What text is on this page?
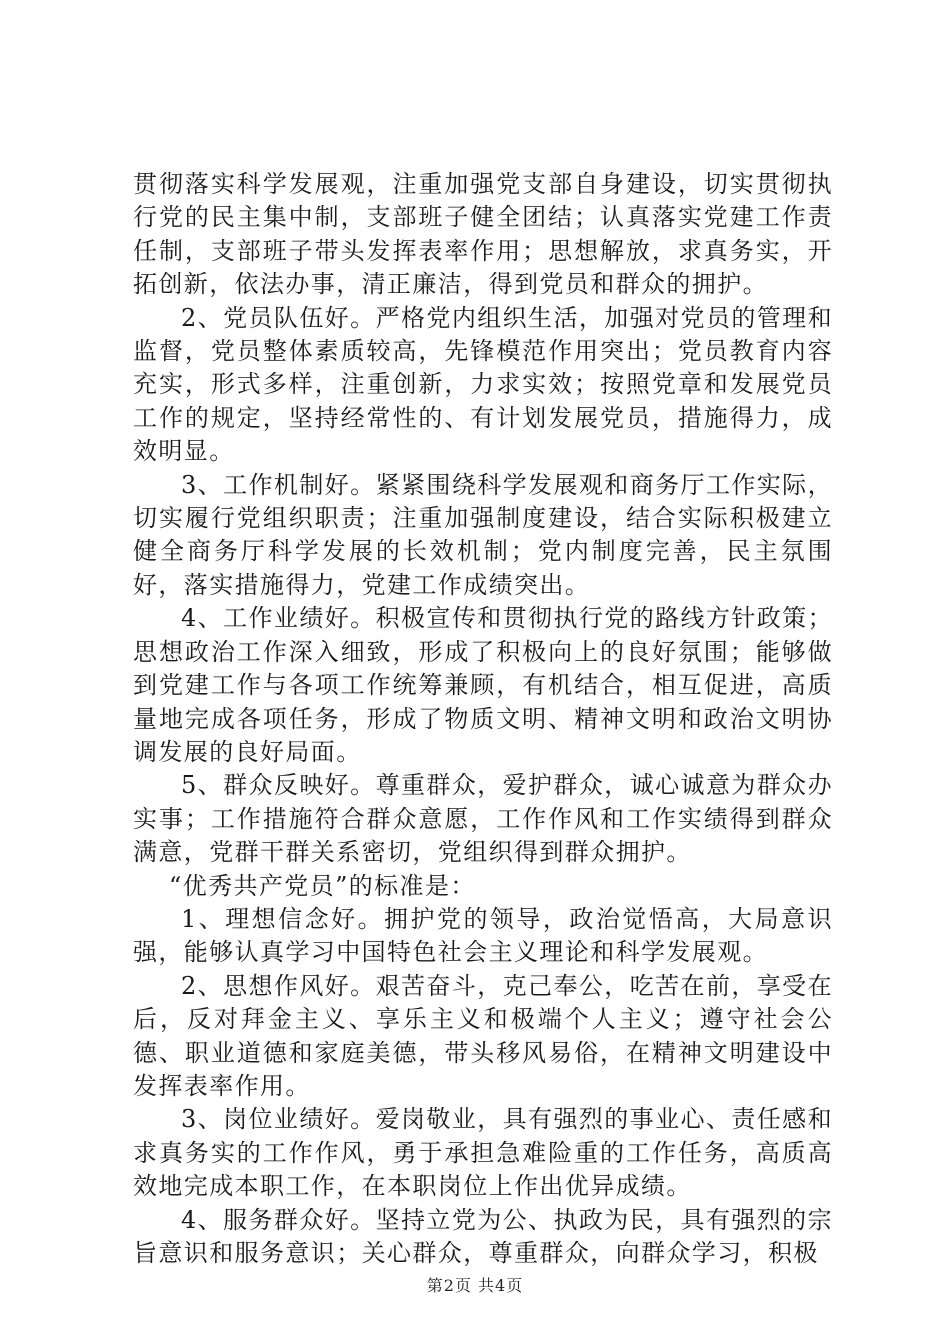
贯彻落实科学发展观，注重加强党支部自身建设，切实贯彻执行党的民主集中制，支部班子健全团结；认真落实党建工作责任制，支部班子带头发挥表率作用；思想解放，求真务实，开拓创新，依法办事，清正廉洁，得到党员和群众的拥护。

2、党员队伍好。严格党内组织生活，加强对党员的管理和监督，党员整体素质较高，先锋模范作用突出；党员教育内容充实，形式多样，注重创新，力求实效；按照党章和发展党员工作的规定，坚持经常性的、有计划发展党员，措施得力，成效明显。

3、工作机制好。紧紧围绕科学发展观和商务厅工作实际，切实履行党组织职责；注重加强制度建设，结合实际积极建立健全商务厅科学发展的长效机制；党内制度完善，民主氛围好，落实措施得力，党建工作成绩突出。

4、工作业绩好。积极宣传和贯彻执行党的路线方针政策；思想政治工作深入细致，形成了积极向上的良好氛围；能够做到党建工作与各项工作统筹兼顾，有机结合，相互促进，高质量地完成各项任务，形成了物质文明、精神文明和政治文明协调发展的良好局面。

5、群众反映好。尊重群众，爱护群众，诚心诚意为群众办实事；工作措施符合群众意愿，工作作风和工作实绩得到群众满意，党群干群关系密切，党组织得到群众拥护。

“优秀共产党员”的标准是：

1、理想信念好。拥护党的领导，政治觉悟高，大局意识强，能够认真学习中国特色社会主义理论和科学发展观。

2、思想作风好。艰苦奋斗，克己奉公，吃苦在前，享受在后，反对拜金主义、享乐主义和极端个人主义；遵守社会公德、职业道德和家庭美德，带头移风易俗，在精神文明建设中发挥表率作用。

3、岗位业绩好。爱岗敬业，具有强烈的事业心、责任感和求真务实的工作作风，勇于承担急难险重的工作任务，高质高效地完成本职工作，在本职岗位上作出优异成绩。

4、服务群众好。坚持立党为公、执政为民，具有强烈的宗旨意识和服务意识；关心群众，尊重群众，向群众学习，积极

第2页 共4页
